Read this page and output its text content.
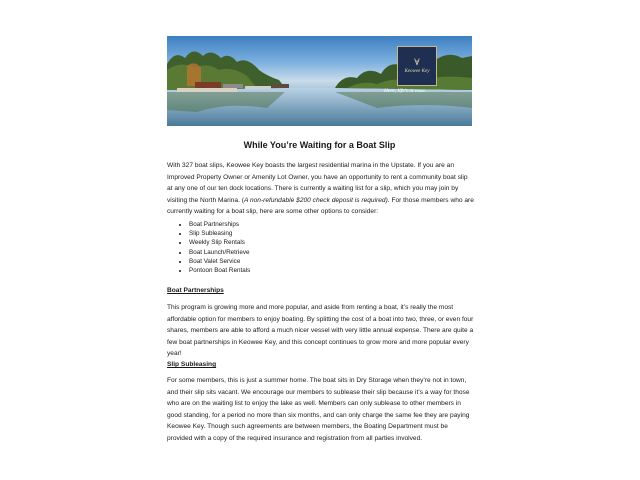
∀
Keowee Key
Here, life's at ease.
While You’re Waiting for a Boat Slip

With 327 boat slips, Keowee Key boasts the largest residential marina in the Upstate. If you are an Improved Property Owner or Amenity Lot Owner, you have an opportunity to rent a community boat slip at any one of our ten dock locations. There is currently a waiting list for a slip, which you may join by visiting the North Marina. (A non-refundable $200 check deposit is required). For those members who are currently waiting for a boat slip, here are some other options to consider:

• Boat Partnerships
• Slip Subleasing
• Weekly Slip Rentals
• Boat Launch/Retrieve
• Boat Valet Service
• Pontoon Boat Rentals
Boat Partnerships

This program is growing more and more popular, and aside from renting a boat, it’s really the most affordable option for members to enjoy boating. By splitting the cost of a boat into two, three, or even four shares, members are able to afford a much nicer vessel with very little annual expense. There are quite a few boat partnerships in Keowee Key, and this concept continues to grow more and more popular every year!

Slip Subleasing

For some members, this is just a summer home. The boat sits in Dry Storage when they’re not in town, and their slip sits vacant. We encourage our members to sublease their slip because it’s a way for those who are on the waiting list to enjoy the lake as well. Members can only sublease to other members in good standing, for a period no more than six months, and can only charge the same fee they are paying Keowee Key. Though such agreements are between members, the Boating Department must be provided with a copy of the required insurance and registration from all parties involved.
